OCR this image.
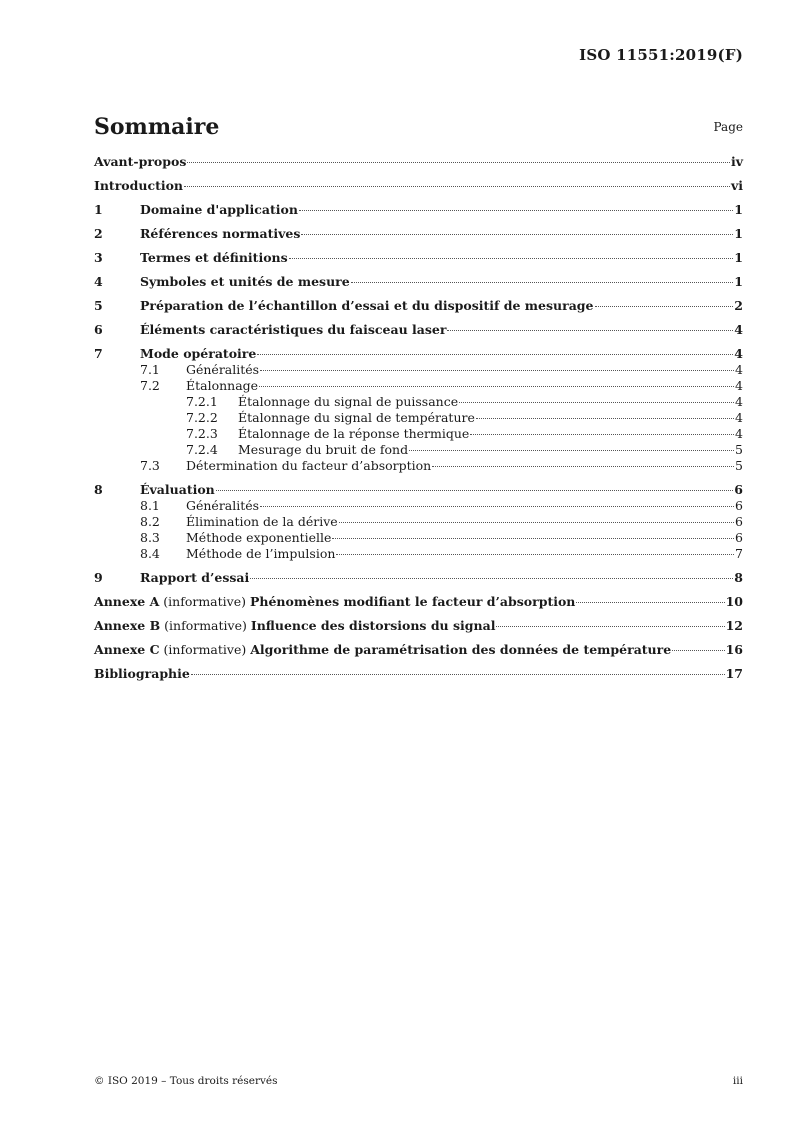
ISO 11551:2019(F)
Sommaire	Page
Avant-propos	iv
Introduction	vi
1	Domaine d'application	1
2	Références normatives	1
3	Termes et définitions	1
4	Symboles et unités de mesure	1
5	Préparation de l’échantillon d’essai et du dispositif de mesurage	2
6	Éléments caractéristiques du faisceau laser	4
7	Mode opératoire	4
7.1	Généralités	4
7.2	Étalonnage	4
7.2.1	Étalonnage du signal de puissance	4
7.2.2	Étalonnage du signal de température	4
7.2.3	Étalonnage de la réponse thermique	4
7.2.4	Mesurage du bruit de fond	5
7.3	Détermination du facteur d’absorption	5
8	Évaluation	6
8.1	Généralités	6
8.2	Élimination de la dérive	6
8.3	Méthode exponentielle	6
8.4	Méthode de l’impulsion	7
9	Rapport d’essai	8
Annexe A (informative) Phénomènes modifiant le facteur d’absorption	10
Annexe B (informative) Influence des distorsions du signal	12
Annexe C (informative) Algorithme de paramétrisation des données de température	16
Bibliographie	17
© ISO 2019 – Tous droits réservés	iii
